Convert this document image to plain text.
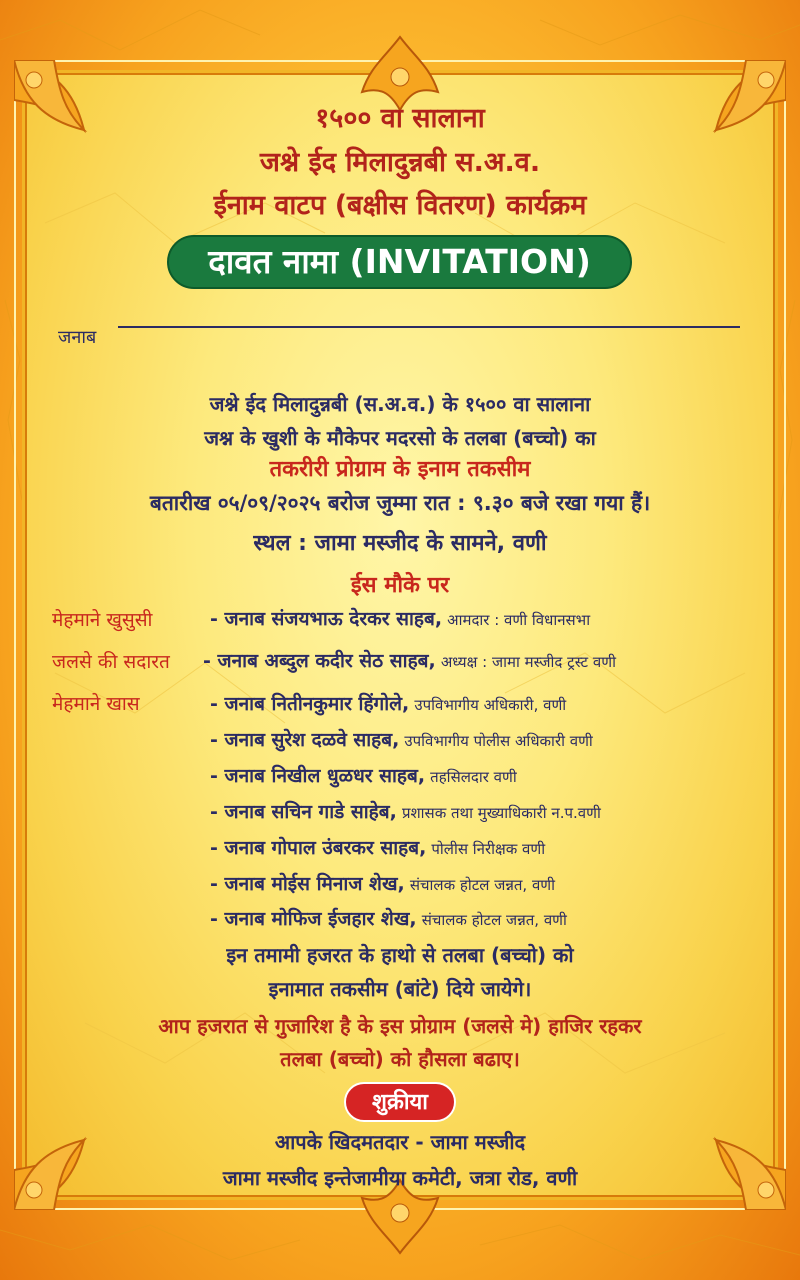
१५०० वा सालाना
जश्ने ईद मिलादुन्नबी स.अ.व.
ईनाम वाटप (बक्षीस वितरण) कार्यक्रम
दावत नामा (INVITATION)
जनाब
जश्ने ईद मिलादुन्नबी (स.अ.व.) के १५०० वा सालाना
जश्न के खुशी के मौकेपर मदरसो के तलबा (बच्चो) का
तकरीरी प्रोग्राम के इनाम तकसीम
बतारीख ०५/०९/२०२५ बरोज जुम्मा रात : ९.३० बजे रखा गया हैं।
स्थल : जामा मस्जीद के सामने, वणी
ईस मौके पर
मेहमाने खुसुसी	- जनाब संजयभाऊ देरकर साहब, आमदार : वणी विधानसभा
जलसे की सदारत - जनाब अब्दुल कदीर सेठ साहब, अध्यक्ष : जामा मस्जीद ट्रस्ट वणी
मेहमाने खास	- जनाब नितीनकुमार हिंगोले, उपविभागीय अधिकारी, वणी
- जनाब सुरेश दळवे साहब, उपविभागीय पोलीस अधिकारी वणी
- जनाब निखील धुळधर साहब, तहसिलदार वणी
- जनाब सचिन गाडे साहेब, प्रशासक तथा मुख्याधिकारी न.प.वणी
- जनाब गोपाल उंबरकर साहब, पोलीस निरीक्षक वणी
- जनाब मोईस मिनाज शेख, संचालक होटल जन्नत, वणी
- जनाब मोफिज ईजहार शेख, संचालक होटल जन्नत, वणी
इन तमामी हजरत के हाथो से तलबा (बच्चो) को
इनामात तकसीम (बांटे) दिये जायेगे।
आप हजरात से गुजारिश है के इस प्रोग्राम (जलसे मे) हाजिर रहकर
तलबा (बच्चो) को हौसला बढाए।
शुक्रीया
आपके खिदमतदार - जामा मस्जीद
जामा मस्जीद इन्तेजामीया कमेटी, जत्रा रोड, वणी
